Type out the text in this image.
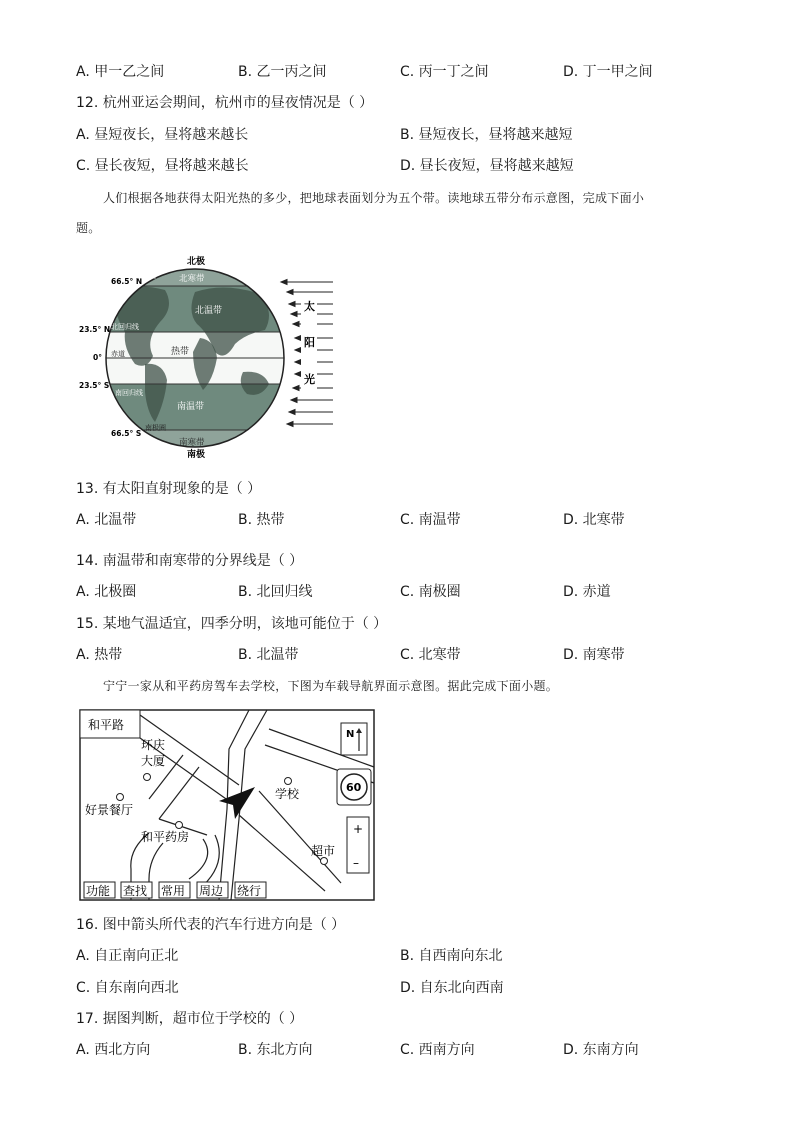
A. 甲一乙之间	B. 乙一丙之间	C. 丙一丁之间	D. 丁一甲之间
12. 杭州亚运会期间，杭州市的昼夜情况是（ ）
A. 昼短夜长，昼将越来越长	B. 昼短夜长，昼将越来越短
C. 昼长夜短，昼将越来越长	D. 昼长夜短，昼将越来越短
人们根据各地获得太阳光热的多少，把地球表面划分为五个带。读地球五带分布示意图，完成下面小
题。
北极
南极
66.5° N
23.5° N
0°
23.5° S
66.5° S
北寒带
北温带
热带
南温带
南寒带
北极圈
北回归线
赤道
南回归线
南极圈
太
阳
光
13. 有太阳直射现象的是（ ）
A. 北温带	B. 热带	C. 南温带	D. 北寒带
14. 南温带和南寒带的分界线是（ ）
A. 北极圈	B. 北回归线	C. 南极圈	D. 赤道
15. 某地气温适宜，四季分明，该地可能位于（ ）
A. 热带	B. 北温带	C. 北寒带	D. 南寒带
宁宁一家从和平药房驾车去学校，下图为车载导航界面示意图。据此完成下面小题。
和平路
环庆
大厦
好景餐厅
学校
和平药房
超市
N
60
+
–
功能 查找 常用 周边 绕行
16. 图中箭头所代表的汽车行进方向是（ ）
A. 自正南向正北	B. 自西南向东北
C. 自东南向西北	D. 自东北向西南
17. 据图判断，超市位于学校的（ ）
A. 西北方向	B. 东北方向	C. 西南方向	D. 东南方向
